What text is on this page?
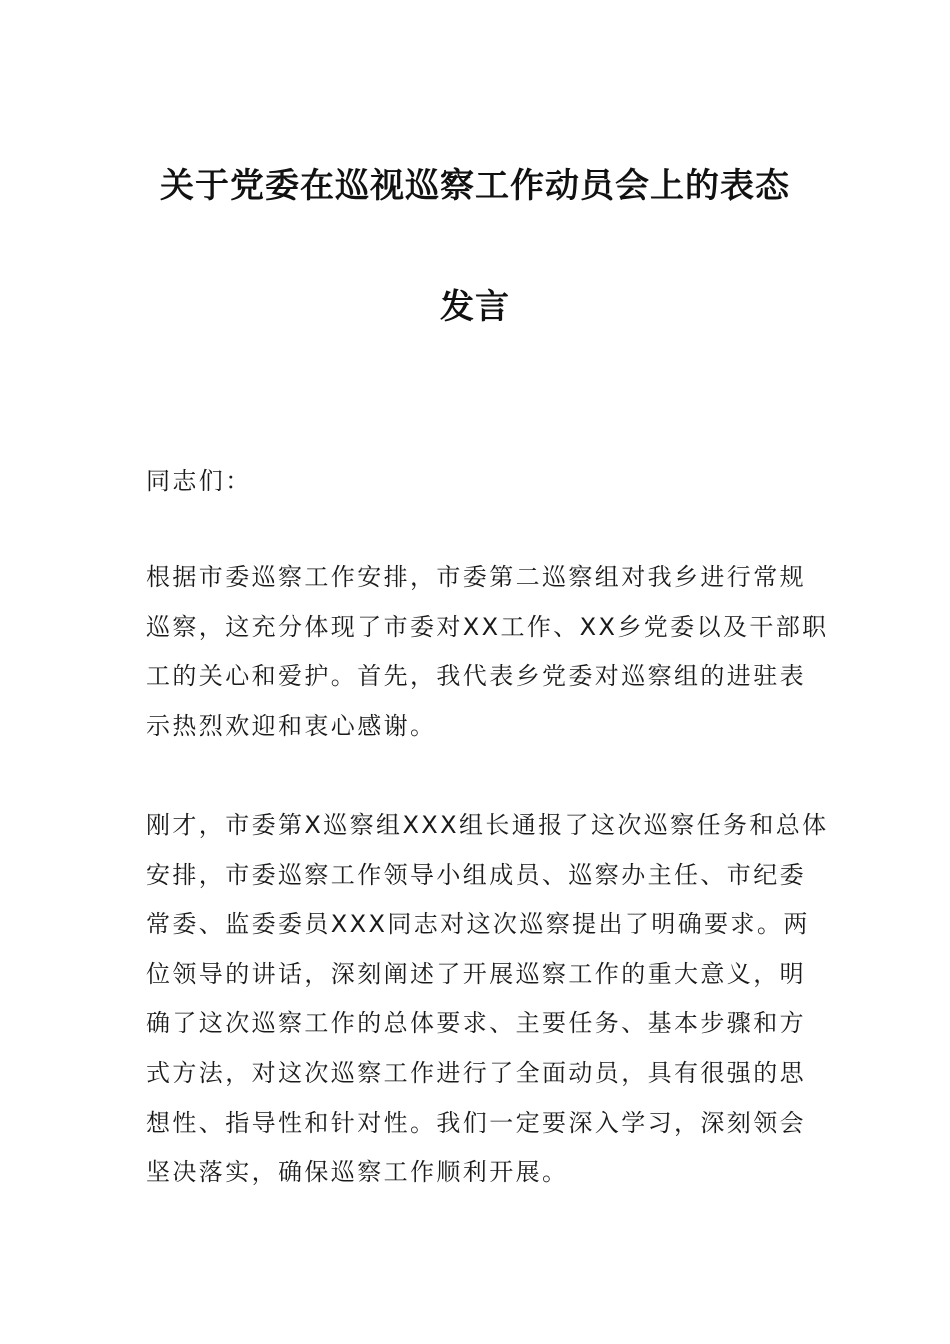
关于党委在巡视巡察工作动员会上的表态
发言
同志们：
根据市委巡察工作安排，市委第二巡察组对我乡进行常规
巡察，这充分体现了市委对XX工作、XX乡党委以及干部职
工的关心和爱护。首先，我代表乡党委对巡察组的进驻表
示热烈欢迎和衷心感谢。
刚才，市委第X巡察组XXX组长通报了这次巡察任务和总体
安排，市委巡察工作领导小组成员、巡察办主任、市纪委
常委、监委委员XXX同志对这次巡察提出了明确要求。两
位领导的讲话，深刻阐述了开展巡察工作的重大意义，明
确了这次巡察工作的总体要求、主要任务、基本步骤和方
式方法，对这次巡察工作进行了全面动员，具有很强的思
想性、指导性和针对性。我们一定要深入学习，深刻领会
坚决落实，确保巡察工作顺利开展。
